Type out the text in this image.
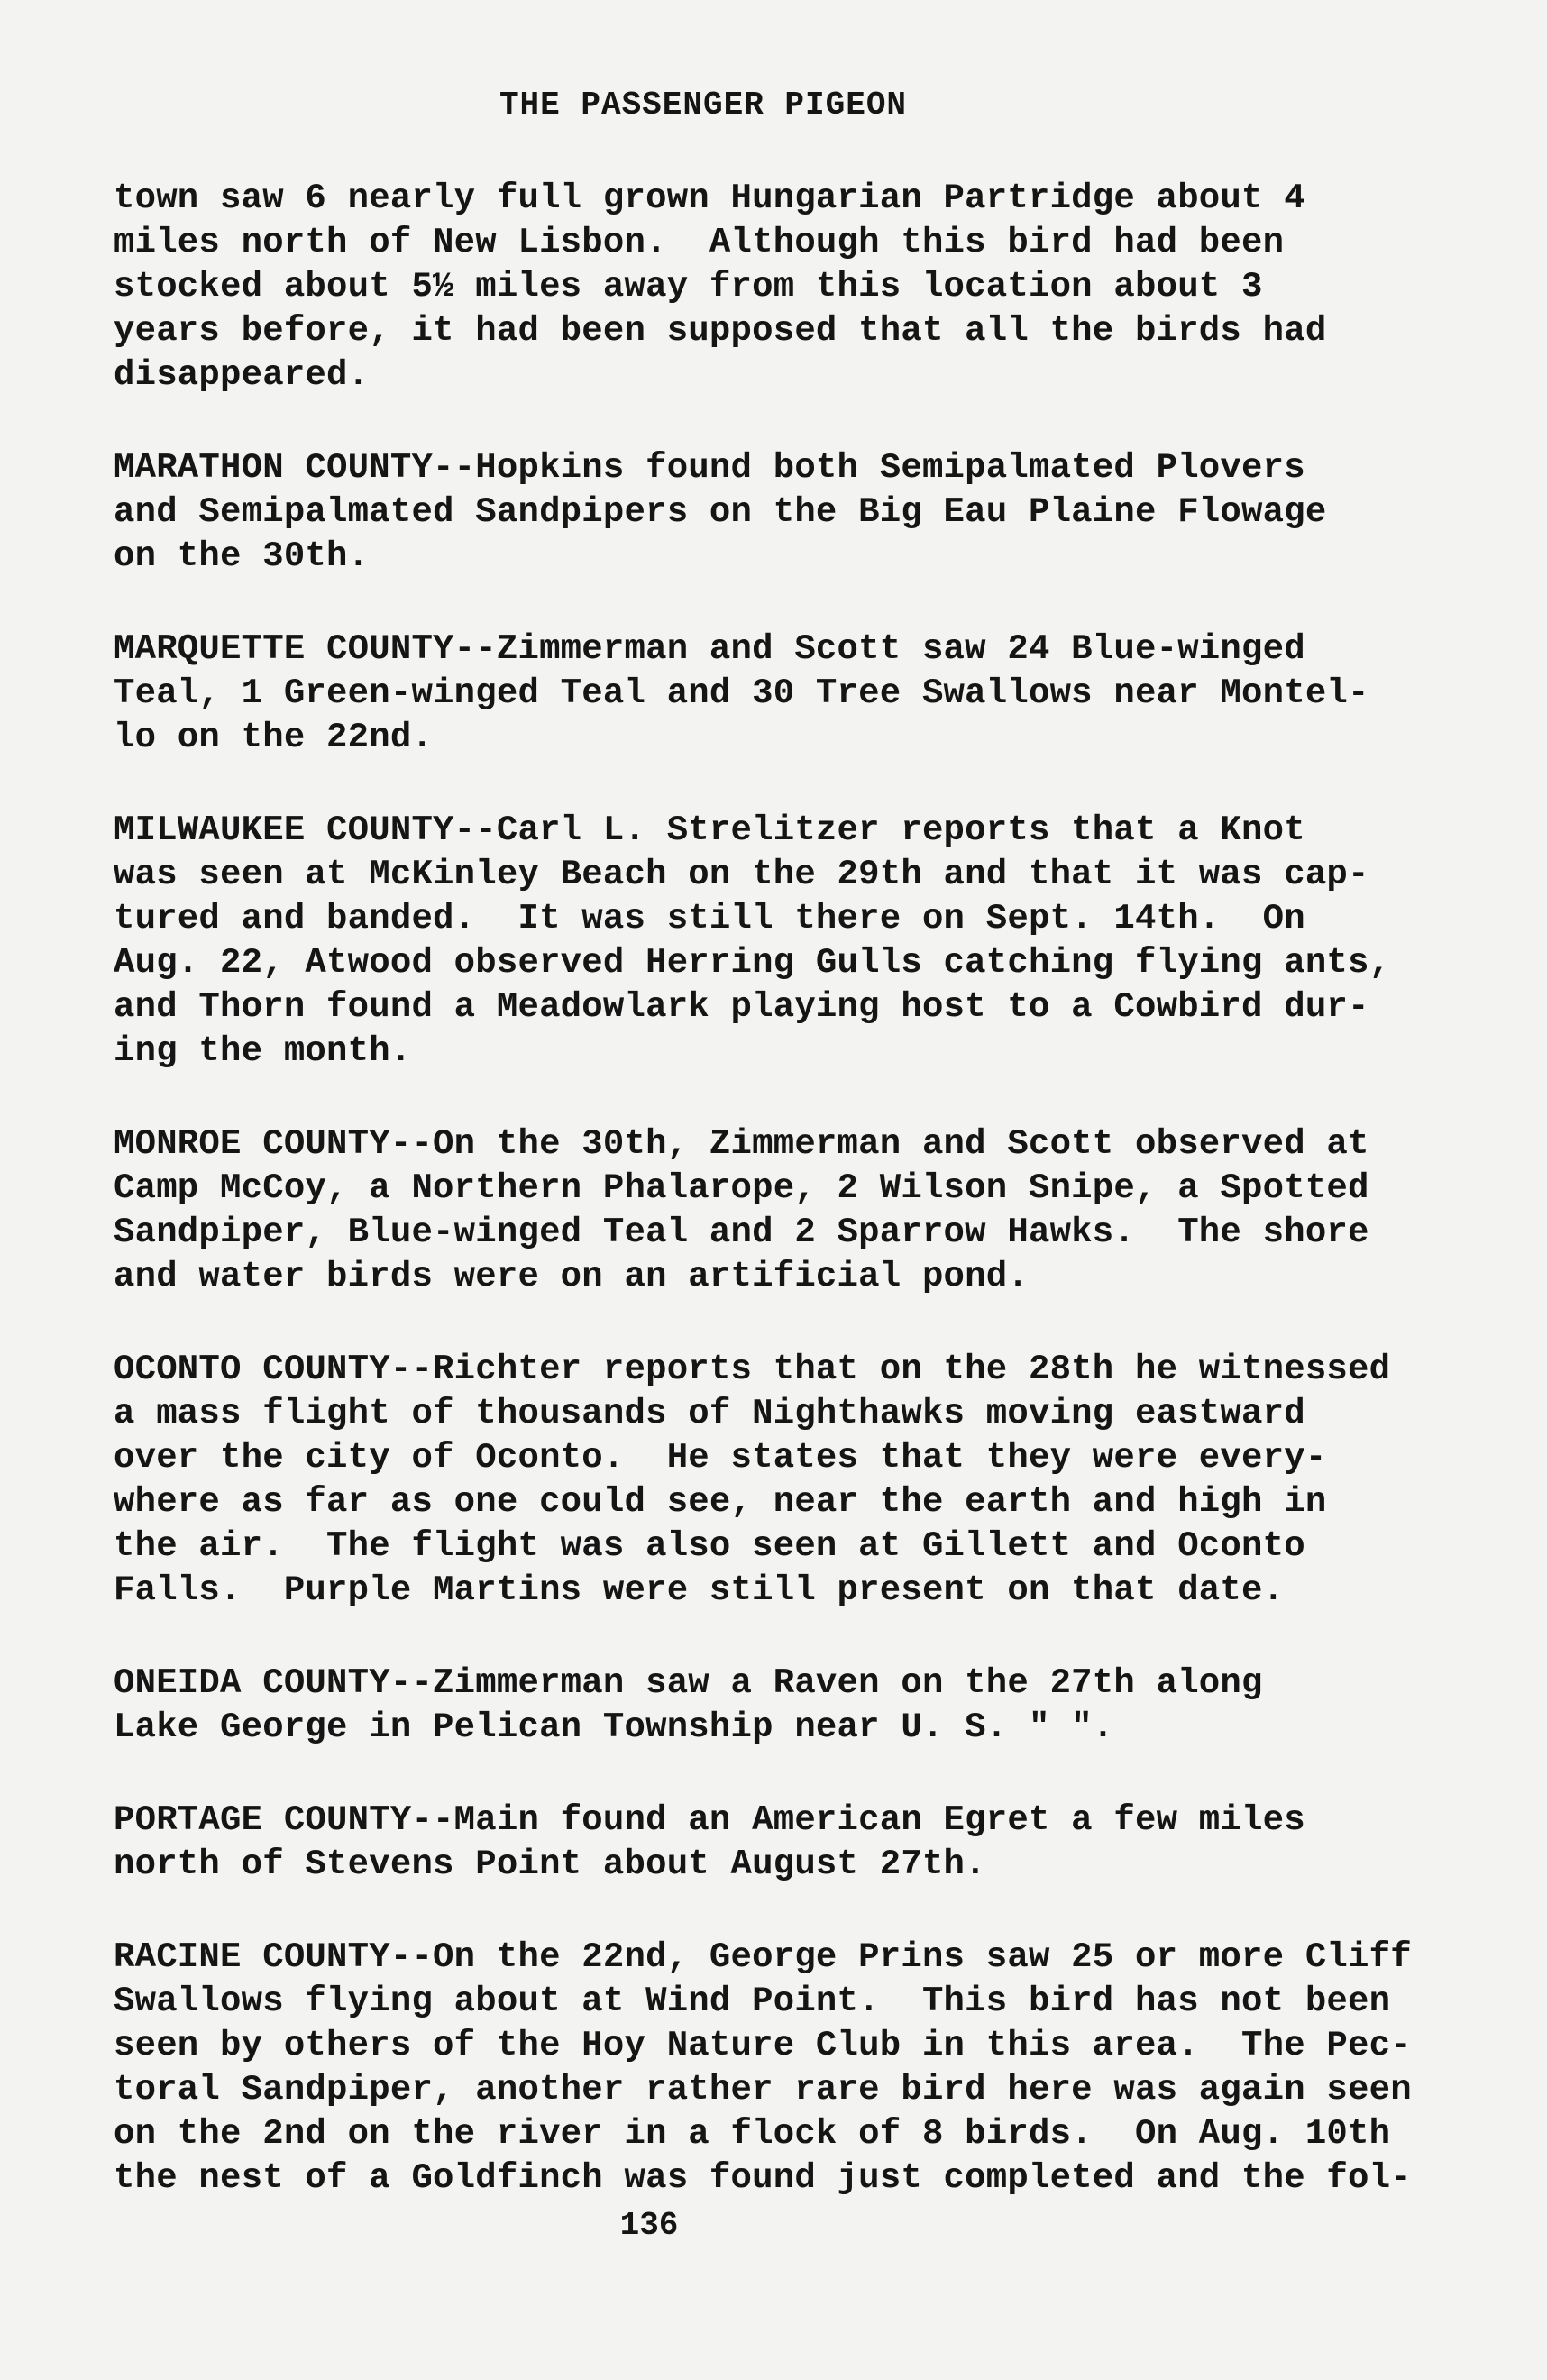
THE PASSENGER PIGEON
town saw 6 nearly full grown Hungarian Partridge about 4
miles north of New Lisbon.  Although this bird had been
stocked about 5½ miles away from this location about 3
years before, it had been supposed that all the birds had
disappeared.
MARATHON COUNTY--Hopkins found both Semipalmated Plovers
and Semipalmated Sandpipers on the Big Eau Plaine Flowage
on the 30th.
MARQUETTE COUNTY--Zimmerman and Scott saw 24 Blue-winged
Teal, 1 Green-winged Teal and 30 Tree Swallows near Montel-
lo on the 22nd.
MILWAUKEE COUNTY--Carl L. Strelitzer reports that a Knot
was seen at McKinley Beach on the 29th and that it was cap-
tured and banded.  It was still there on Sept. 14th.  On
Aug. 22, Atwood observed Herring Gulls catching flying ants,
and Thorn found a Meadowlark playing host to a Cowbird dur-
ing the month.
MONROE COUNTY--On the 30th, Zimmerman and Scott observed at
Camp McCoy, a Northern Phalarope, 2 Wilson Snipe, a Spotted
Sandpiper, Blue-winged Teal and 2 Sparrow Hawks.  The shore
and water birds were on an artificial pond.
OCONTO COUNTY--Richter reports that on the 28th he witnessed
a mass flight of thousands of Nighthawks moving eastward
over the city of Oconto.  He states that they were every-
where as far as one could see, near the earth and high in
the air.  The flight was also seen at Gillett and Oconto
Falls.  Purple Martins were still present on that date.
ONEIDA COUNTY--Zimmerman saw a Raven on the 27th along
Lake George in Pelican Township near U. S. " ".
PORTAGE COUNTY--Main found an American Egret a few miles
north of Stevens Point about August 27th.
RACINE COUNTY--On the 22nd, George Prins saw 25 or more Cliff
Swallows flying about at Wind Point.  This bird has not been
seen by others of the Hoy Nature Club in this area.  The Pec-
toral Sandpiper, another rather rare bird here was again seen
on the 2nd on the river in a flock of 8 birds.  On Aug. 10th
the nest of a Goldfinch was found just completed and the fol-
136
